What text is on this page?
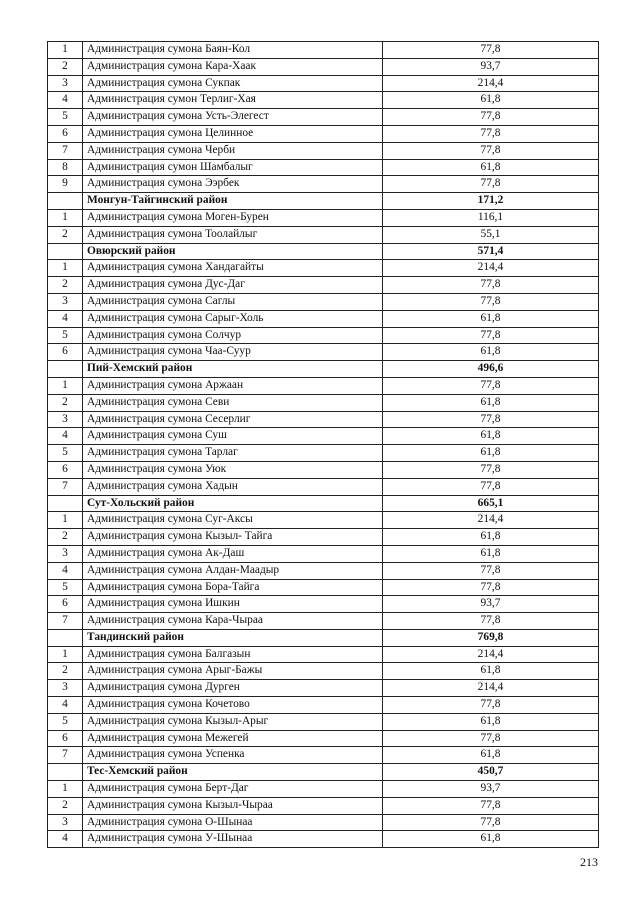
1	Администрация сумона Баян-Кол	77,8
2	Администрация сумона Кара-Хаак	93,7
3	Администрация сумона Сукпак	214,4
4	Администрация сумон Терлиг-Хая	61,8
5	Администрация сумона Усть-Элегест	77,8
6	Администрация сумона Целинное	77,8
7	Администрация сумона Черби	77,8
8	Администрация сумон Шамбалыг	61,8
9	Администрация сумона Ээрбек	77,8
	Монгун-Тайгинский район	171,2
1	Администрация сумона Моген-Бурен	116,1
2	Администрация сумона Тоолайлыг	55,1
	Овюрский район	571,4
1	Администрация сумона Хандагайты	214,4
2	Администрация сумона Дус-Даг	77,8
3	Администрация сумона Саглы	77,8
4	Администрация сумона Сарыг-Холь	61,8
5	Администрация сумона Солчур	77,8
6	Администрация сумона Чаа-Суур	61,8
	Пий-Хемский район	496,6
1	Администрация сумона Аржаан	77,8
2	Администрация сумона Севи	61,8
3	Администрация сумона Сесерлиг	77,8
4	Администрация сумона Суш	61,8
5	Администрация сумона Тарлаг	61,8
6	Администрация сумона Уюк	77,8
7	Администрация сумона Хадын	77,8
	Сут-Хольский район	665,1
1	Администрация сумона Суг-Аксы	214,4
2	Администрация сумона Кызыл- Тайга	61,8
3	Администрация сумона Ак-Даш	61,8
4	Администрация сумона Алдан-Маадыр	77,8
5	Администрация сумона Бора-Тайга	77,8
6	Администрация сумона Ишкин	93,7
7	Администрация сумона Кара-Чыраа	77,8
	Тандинский район	769,8
1	Администрация сумона Балгазын	214,4
2	Администрация сумона Арыг-Бажы	61,8
3	Администрация сумона Дурген	214,4
4	Администрация сумона Кочетово	77,8
5	Администрация сумона Кызыл-Арыг	61,8
6	Администрация сумона Межегей	77,8
7	Администрация сумона Успенка	61,8
	Тес-Хемский район	450,7
1	Администрация сумона Берт-Даг	93,7
2	Администрация сумона Кызыл-Чыраа	77,8
3	Администрация сумона О-Шынаа	77,8
4	Администрация сумона У-Шынаа	61,8
213
